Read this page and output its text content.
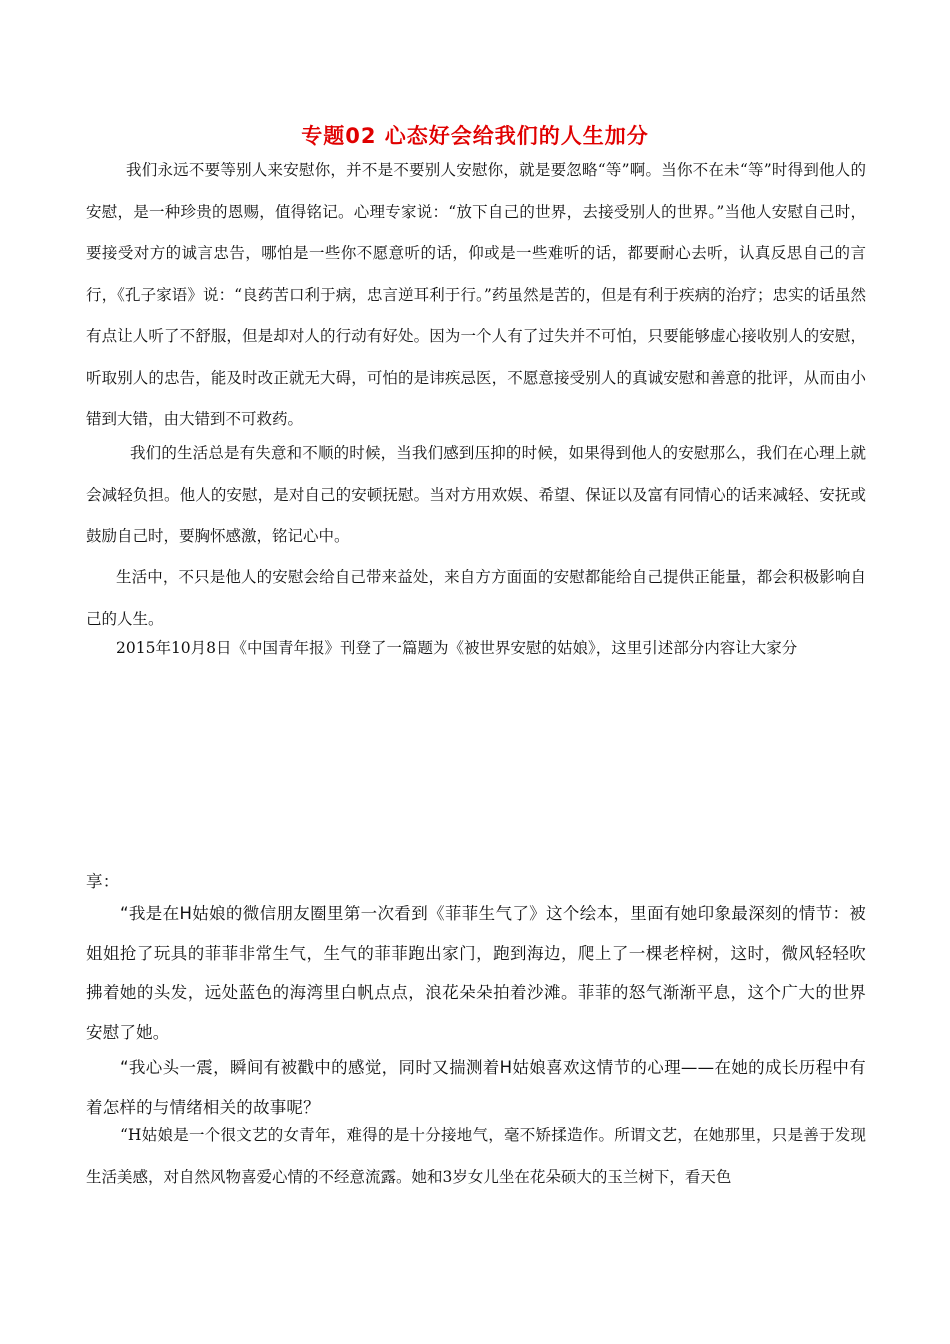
专题02 心态好会给我们的人生加分

我们永远不要等别人来安慰你，并不是不要别人安慰你，就是要忽略“等”啊。当你不在未“等”时得到他人的安慰，是一种珍贵的恩赐，值得铭记。心理专家说：“放下自己的世界，去接受别人的世界。”当他人安慰自己时，要接受对方的诚言忠告，哪怕是一些你不愿意听的话，仰或是一些难听的话，都要耐心去听，认真反思自己的言行，《孔子家语》说：“良药苦口利于病，忠言逆耳利于行。”药虽然是苦的，但是有利于疾病的治疗；忠实的话虽然有点让人听了不舒服，但是却对人的行动有好处。因为一个人有了过失并不可怕，只要能够虚心接收别人的安慰，听取别人的忠告，能及时改正就无大碍，可怕的是讳疾忌医，不愿意接受别人的真诚安慰和善意的批评，从而由小错到大错，由大错到不可救药。

我们的生活总是有失意和不顺的时候，当我们感到压抑的时候，如果得到他人的安慰那么，我们在心理上就会减轻负担。他人的安慰，是对自己的安顿抚慰。当对方用欢娱、希望、保证以及富有同情心的话来减轻、安抚或鼓励自己时，要胸怀感激，铭记心中。

生活中，不只是他人的安慰会给自己带来益处，来自方方面面的安慰都能给自己提供正能量，都会积极影响自己的人生。

2015年10月8日《中国青年报》刊登了一篇题为《被世界安慰的姑娘》，这里引述部分内容让大家分

享：

“我是在H姑娘的微信朋友圈里第一次看到《菲菲生气了》这个绘本，里面有她印象最深刻的情节：被姐姐抢了玩具的菲菲非常生气，生气的菲菲跑出家门，跑到海边，爬上了一棵老梓树，这时，微风轻轻吹拂着她的头发，远处蓝色的海湾里白帆点点，浪花朵朵拍着沙滩。菲菲的怒气渐渐平息，这个广大的世界安慰了她。

“我心头一震，瞬间有被戳中的感觉，同时又揣测着H姑娘喜欢这情节的心理——在她的成长历程中有着怎样的与情绪相关的故事呢？

“H姑娘是一个很文艺的女青年，难得的是十分接地气，毫不矫揉造作。所谓文艺，在她那里，只是善于发现生活美感，对自然风物喜爱心情的不经意流露。她和3岁女儿坐在花朵硕大的玉兰树下，看天色
